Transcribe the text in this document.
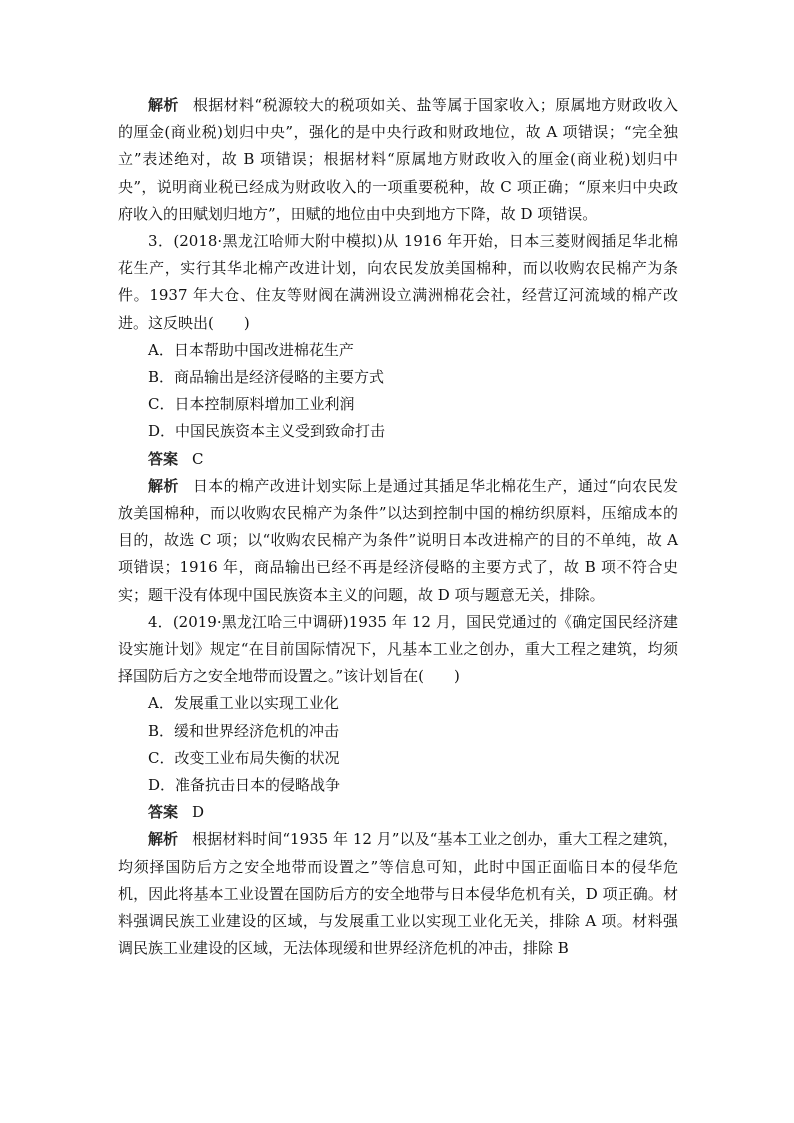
解析 根据材料“税源较大的税项如关、盐等属于国家收入；原属地方财政收入的厘金(商业税)划归中央”，强化的是中央行政和财政地位，故 A 项错误；“完全独立”表述绝对，故 B 项错误；根据材料“原属地方财政收入的厘金(商业税)划归中央”，说明商业税已经成为财政收入的一项重要税种，故 C 项正确；“原来归中央政府收入的田赋划归地方”，田赋的地位由中央到地方下降，故 D 项错误。

3．(2018·黑龙江哈师大附中模拟)从 1916 年开始，日本三菱财阀插足华北棉花生产，实行其华北棉产改进计划，向农民发放美国棉种，而以收购农民棉产为条件。1937 年大仓、住友等财阀在满洲设立满洲棉花会社，经营辽河流域的棉产改进。这反映出(　　)

A．日本帮助中国改进棉花生产

B．商品输出是经济侵略的主要方式

C．日本控制原料增加工业利润

D．中国民族资本主义受到致命打击

答案 C

解析 日本的棉产改进计划实际上是通过其插足华北棉花生产，通过“向农民发放美国棉种，而以收购农民棉产为条件”以达到控制中国的棉纺织原料，压缩成本的目的，故选 C 项；以“收购农民棉产为条件”说明日本改进棉产的目的不单纯，故 A 项错误；1916 年，商品输出已经不再是经济侵略的主要方式了，故 B 项不符合史实；题干没有体现中国民族资本主义的问题，故 D 项与题意无关，排除。

4．(2019·黑龙江哈三中调研)1935 年 12 月，国民党通过的《确定国民经济建设实施计划》规定“在目前国际情况下，凡基本工业之创办，重大工程之建筑，均须择国防后方之安全地带而设置之。”该计划旨在(　　)

A．发展重工业以实现工业化

B．缓和世界经济危机的冲击

C．改变工业布局失衡的状况

D．准备抗击日本的侵略战争

答案 D

解析 根据材料时间“1935 年 12 月”以及“基本工业之创办，重大工程之建筑，均须择国防后方之安全地带而设置之”等信息可知，此时中国正面临日本的侵华危机，因此将基本工业设置在国防后方的安全地带与日本侵华危机有关，D 项正确。材料强调民族工业建设的区域，与发展重工业以实现工业化无关，排除 A 项。材料强调民族工业建设的区域，无法体现缓和世界经济危机的冲击，排除 B
